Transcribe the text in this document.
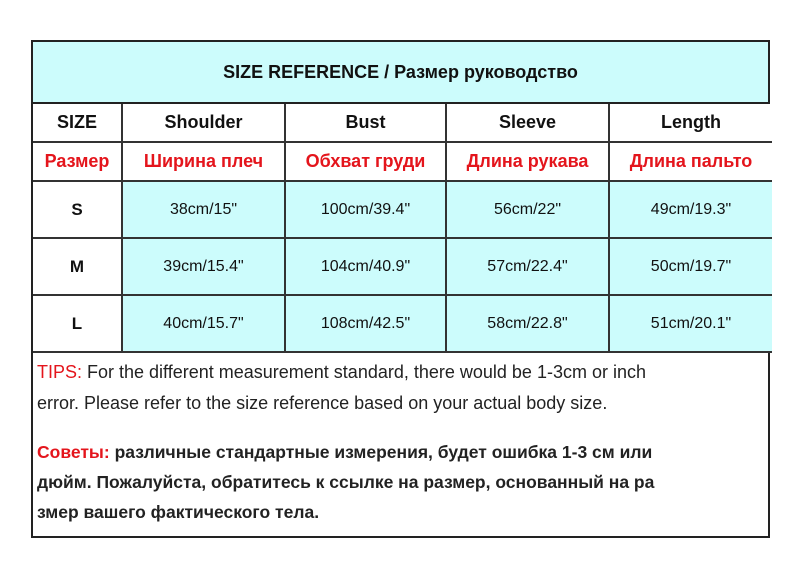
SIZE REFERENCE / Размер руководство
SIZE	Shoulder	Bust	Sleeve	Length
Размер	Ширина плеч	Обхват груди	Длина рукава	Длина пальто
S	38cm/15"	100cm/39.4"	56cm/22"	49cm/19.3"
M	39cm/15.4"	104cm/40.9"	57cm/22.4"	50cm/19.7"
L	40cm/15.7"	108cm/42.5"	58cm/22.8"	51cm/20.1"
TIPS: For the different measurement standard, there would be 1-3cm or inch
error. Please refer to the size reference based on your actual body size.
Советы: различные стандартные измерения, будет ошибка 1-3 см или
дюйм. Пожалуйста, обратитесь к ссылке на размер, основанный на ра
змер вашего фактического тела.
